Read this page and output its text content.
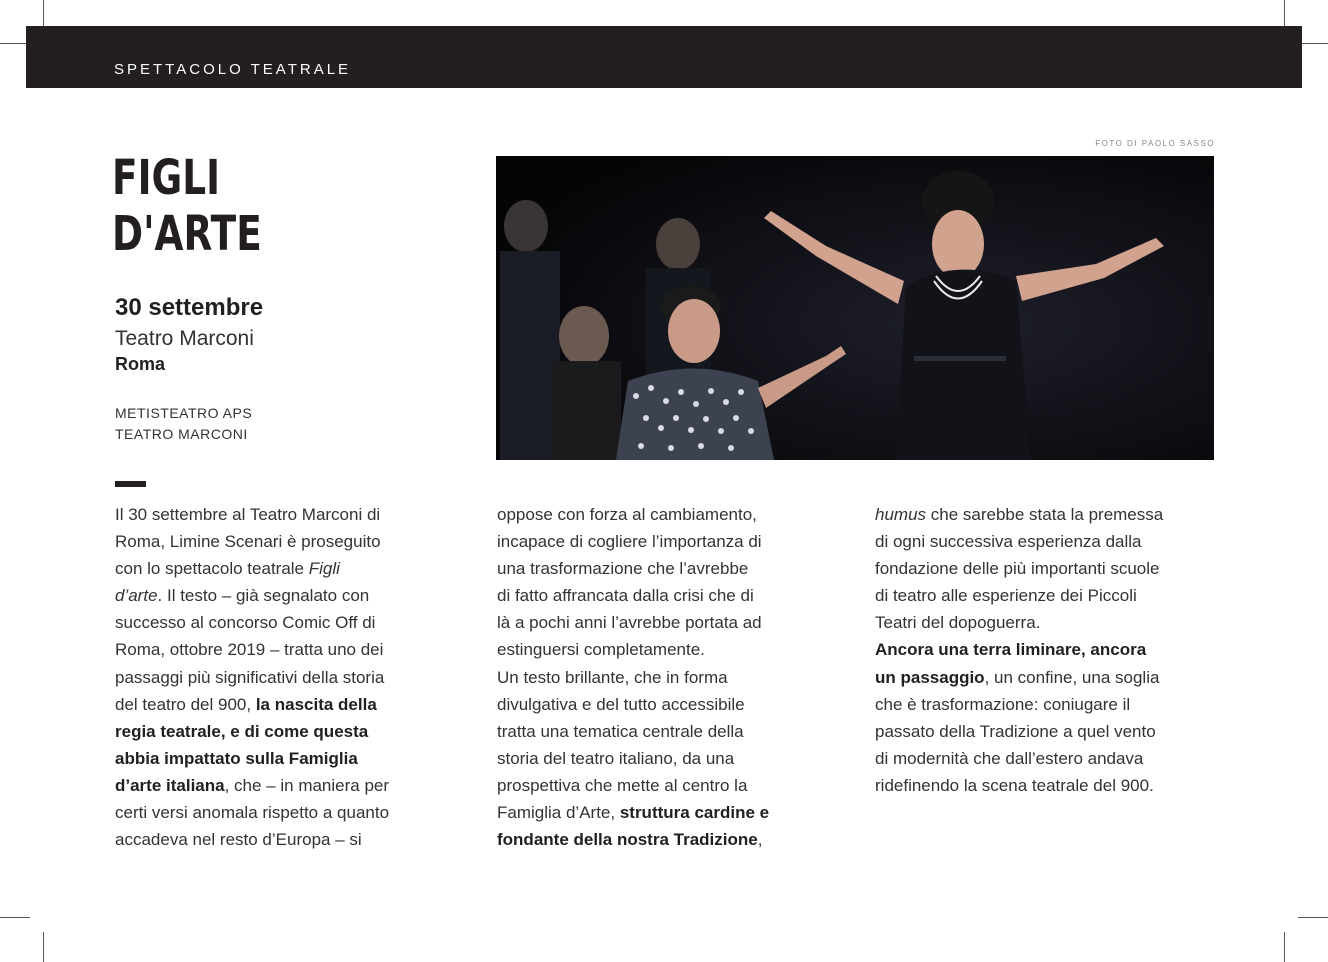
SPETTACOLO TEATRALE
FIGLI
D'ARTE
30 settembre
Teatro Marconi
Roma
METISTEATRO APS
TEATRO MARCONI
FOTO DI PAOLO SASSO
Il 30 settembre al Teatro Marconi di
Roma, Limine Scenari è proseguito
con lo spettacolo teatrale Figli
d’arte. Il testo – già segnalato con
successo al concorso Comic Off di
Roma, ottobre 2019 – tratta uno dei
passaggi più significativi della storia
del teatro del 900, la nascita della
regia teatrale, e di come questa
abbia impattato sulla Famiglia
d’arte italiana, che – in maniera per
certi versi anomala rispetto a quanto
accadeva nel resto d’Europa – si
oppose con forza al cambiamento,
incapace di cogliere l’importanza di
una trasformazione che l’avrebbe
di fatto affrancata dalla crisi che di
là a pochi anni l’avrebbe portata ad
estinguersi completamente.
Un testo brillante, che in forma
divulgativa e del tutto accessibile
tratta una tematica centrale della
storia del teatro italiano, da una
prospettiva che mette al centro la
Famiglia d’Arte, struttura cardine e
fondante della nostra Tradizione,
humus che sarebbe stata la premessa
di ogni successiva esperienza dalla
fondazione delle più importanti scuole
di teatro alle esperienze dei Piccoli
Teatri del dopoguerra.
Ancora una terra liminare, ancora
un passaggio, un confine, una soglia
che è trasformazione: coniugare il
passato della Tradizione a quel vento
di modernità che dall’estero andava
ridefinendo la scena teatrale del 900.
